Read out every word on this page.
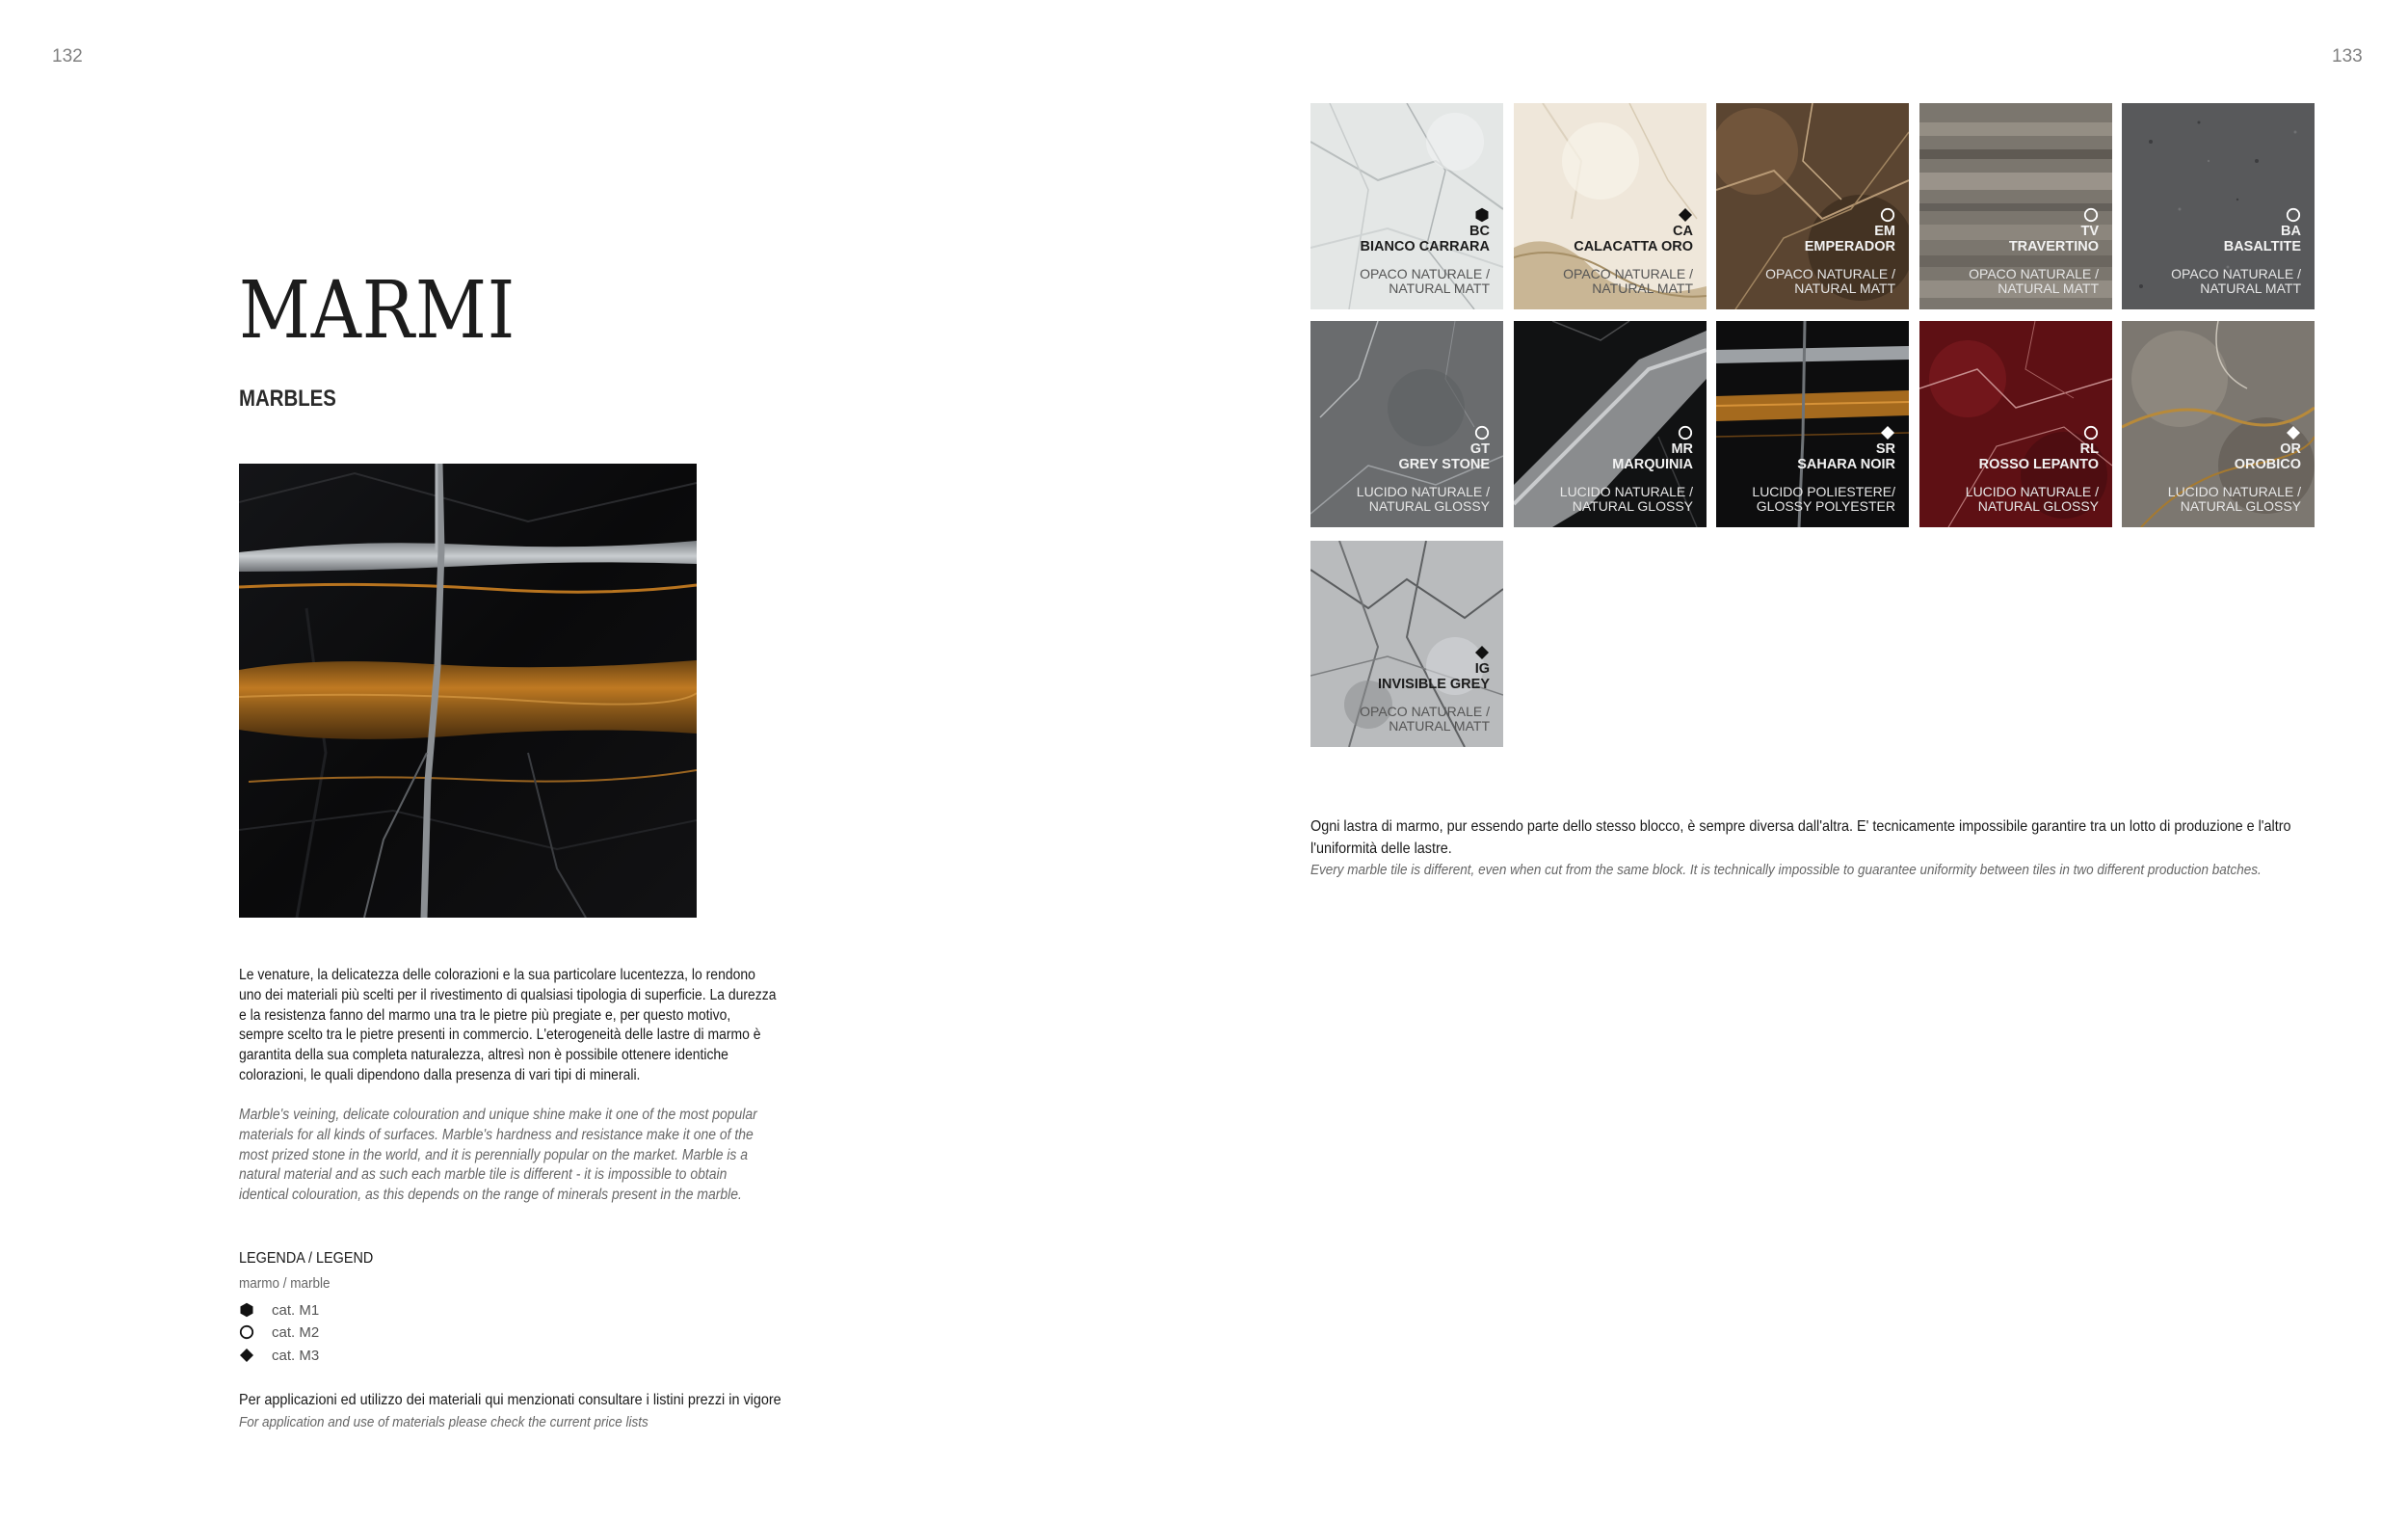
132	133
MARMI
MARBLES

Le venature, la delicatezza delle colorazioni e la sua particolare lucentezza, lo rendono uno dei materiali più scelti per il rivestimento di qualsiasi tipologia di superficie. La durezza e la resistenza fanno del marmo una tra le pietre più pregiate e, per questo motivo, sempre scelto tra le pietre presenti in commercio. L'eterogeneità delle lastre di marmo è garantita della sua completa naturalezza, altresì non è possibile ottenere identiche colorazioni, le quali dipendono dalla presenza di vari tipi di minerali.

Marble's veining, delicate colouration and unique shine make it one of the most popular materials for all kinds of surfaces. Marble's hardness and resistance make it one of the most prized stone in the world, and it is perennially popular on the market. Marble is a natural material and as such each marble tile is different - it is impossible to obtain identical colouration, as this depends on the range of minerals present in the marble.

LEGENDA / LEGEND
marmo / marble
cat. M1
cat. M2
cat. M3
Per applicazioni ed utilizzo dei materiali qui menzionati consultare i listini prezzi in vigore
For application and use of materials please check the current price lists
BC
BIANCO CARRARA
OPACO NATURALE /
NATURAL MATT
CA
CALACATTA ORO
OPACO NATURALE /
NATURAL MATT
EM
EMPERADOR
OPACO NATURALE /
NATURAL MATT
TV
TRAVERTINO
OPACO NATURALE /
NATURAL MATT
BA
BASALTITE
OPACO NATURALE /
NATURAL MATT
GT
GREY STONE
LUCIDO NATURALE /
NATURAL GLOSSY
MR
MARQUINIA
LUCIDO NATURALE /
NATURAL GLOSSY
SR
SAHARA NOIR
LUCIDO POLIESTERE/
GLOSSY POLYESTER
RL
ROSSO LEPANTO
LUCIDO NATURALE /
NATURAL GLOSSY
OR
OROBICO
LUCIDO NATURALE /
NATURAL GLOSSY
IG
INVISIBLE GREY
OPACO NATURALE /
NATURAL MATT

Ogni lastra di marmo, pur essendo parte dello stesso blocco, è sempre diversa dall'altra. E' tecnicamente impossibile garantire tra un lotto di produzione e l'altro l'uniformità delle lastre.

Every marble tile is different, even when cut from the same block. It is technically impossible to guarantee uniformity between tiles in two different production batches.
